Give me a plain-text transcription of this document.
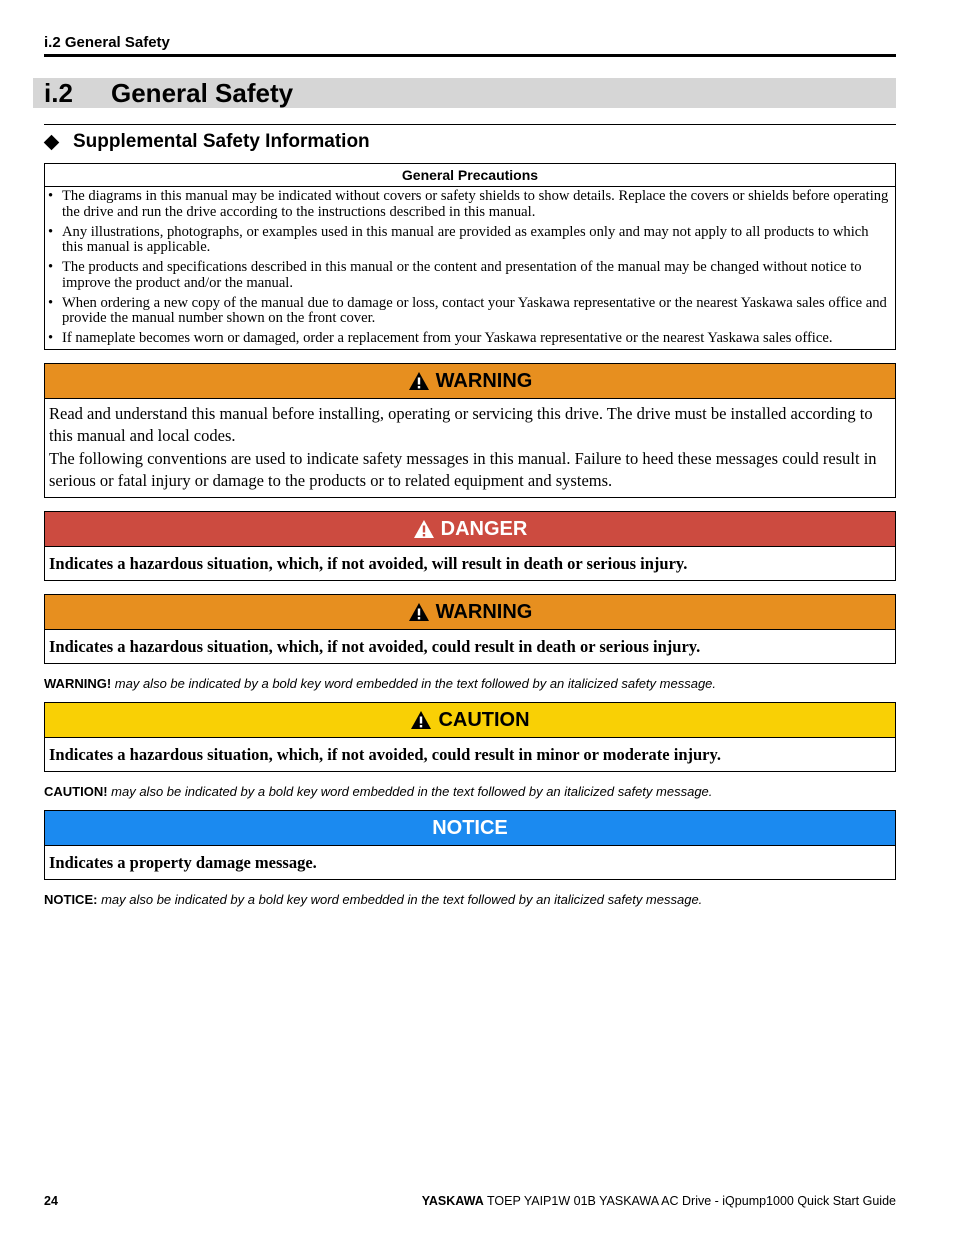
i.2 General Safety
i.2 General Safety
Supplemental Safety Information
General Precautions
• The diagrams in this manual may be indicated without covers or safety shields to show details. Replace the covers or shields before operating the drive and run the drive according to the instructions described in this manual.
• Any illustrations, photographs, or examples used in this manual are provided as examples only and may not apply to all products to which this manual is applicable.
• The products and specifications described in this manual or the content and presentation of the manual may be changed without notice to improve the product and/or the manual.
• When ordering a new copy of the manual due to damage or loss, contact your Yaskawa representative or the nearest Yaskawa sales office and provide the manual number shown on the front cover.
• If nameplate becomes worn or damaged, order a replacement from your Yaskawa representative or the nearest Yaskawa sales office.
WARNING

Read and understand this manual before installing, operating or servicing this drive. The drive must be installed according to this manual and local codes.

The following conventions are used to indicate safety messages in this manual. Failure to heed these messages could result in serious or fatal injury or damage to the products or to related equipment and systems.

DANGER
Indicates a hazardous situation, which, if not avoided, will result in death or serious injury.
WARNING
Indicates a hazardous situation, which, if not avoided, could result in death or serious injury.
WARNING! may also be indicated by a bold key word embedded in the text followed by an italicized safety message.
CAUTION
Indicates a hazardous situation, which, if not avoided, could result in minor or moderate injury.
CAUTION! may also be indicated by a bold key word embedded in the text followed by an italicized safety message.
NOTICE
Indicates a property damage message.
NOTICE: may also be indicated by a bold key word embedded in the text followed by an italicized safety message.
24	YASKAWA TOEP YAIP1W 01B YASKAWA AC Drive - iQpump1000 Quick Start Guide
